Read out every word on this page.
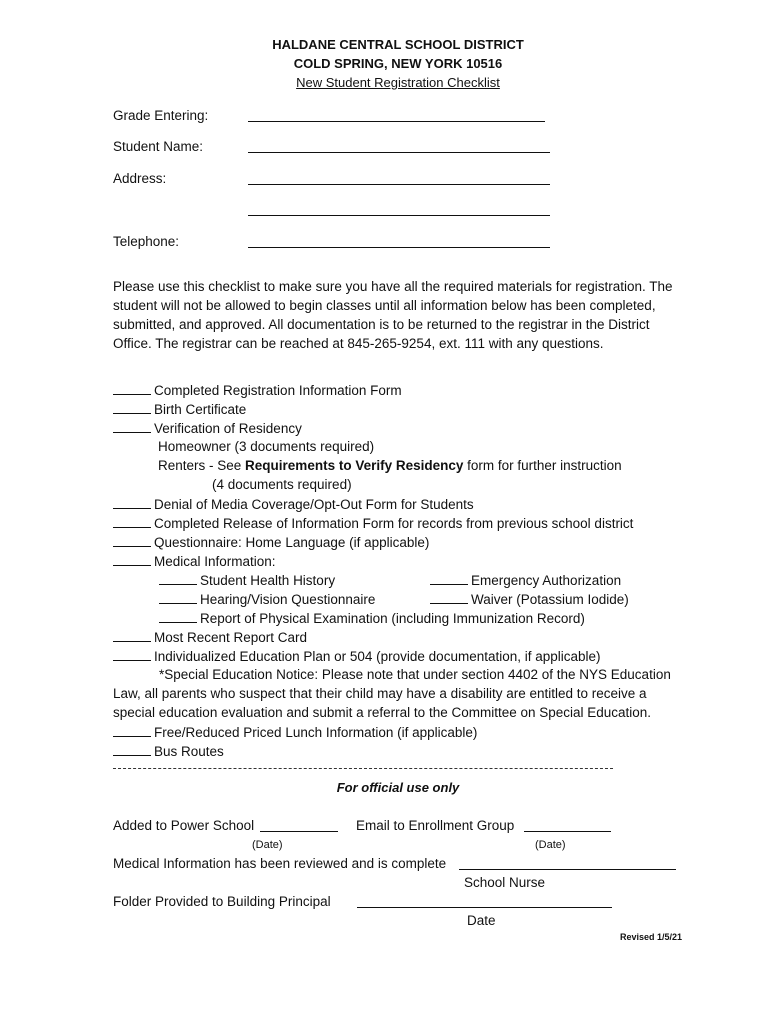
HALDANE CENTRAL SCHOOL DISTRICT
COLD SPRING, NEW YORK 10516
New Student Registration Checklist
Grade Entering:
Student Name:
Address:
Telephone:
Please use this checklist to make sure you have all the required materials for registration. The student will not be allowed to begin classes until all information below has been completed, submitted, and approved. All documentation is to be returned to the registrar in the District Office. The registrar can be reached at 845-265-9254, ext. 111 with any questions.
Completed Registration Information Form
Birth Certificate
Verification of Residency
Homeowner (3 documents required)
Renters - See Requirements to Verify Residency form for further instruction
(4 documents required)
Denial of Media Coverage/Opt-Out Form for Students
Completed Release of Information Form for records from previous school district
Questionnaire: Home Language (if applicable)
Medical Information:
Student Health History	Emergency Authorization
Hearing/Vision Questionnaire	Waiver (Potassium Iodide)
Report of Physical Examination (including Immunization Record)
Most Recent Report Card
Individualized Education Plan or 504 (provide documentation, if applicable)
*Special Education Notice: Please note that under section 4402 of the NYS Education
Law, all parents who suspect that their child may have a disability are entitled to receive a
special education evaluation and submit a referral to the Committee on Special Education.
Free/Reduced Priced Lunch Information (if applicable)
Bus Routes
For official use only
Added to Power School
(Date)
Email to Enrollment Group
(Date)
Medical Information has been reviewed and is complete
School Nurse
Folder Provided to Building Principal
Date
Revised 1/5/21
